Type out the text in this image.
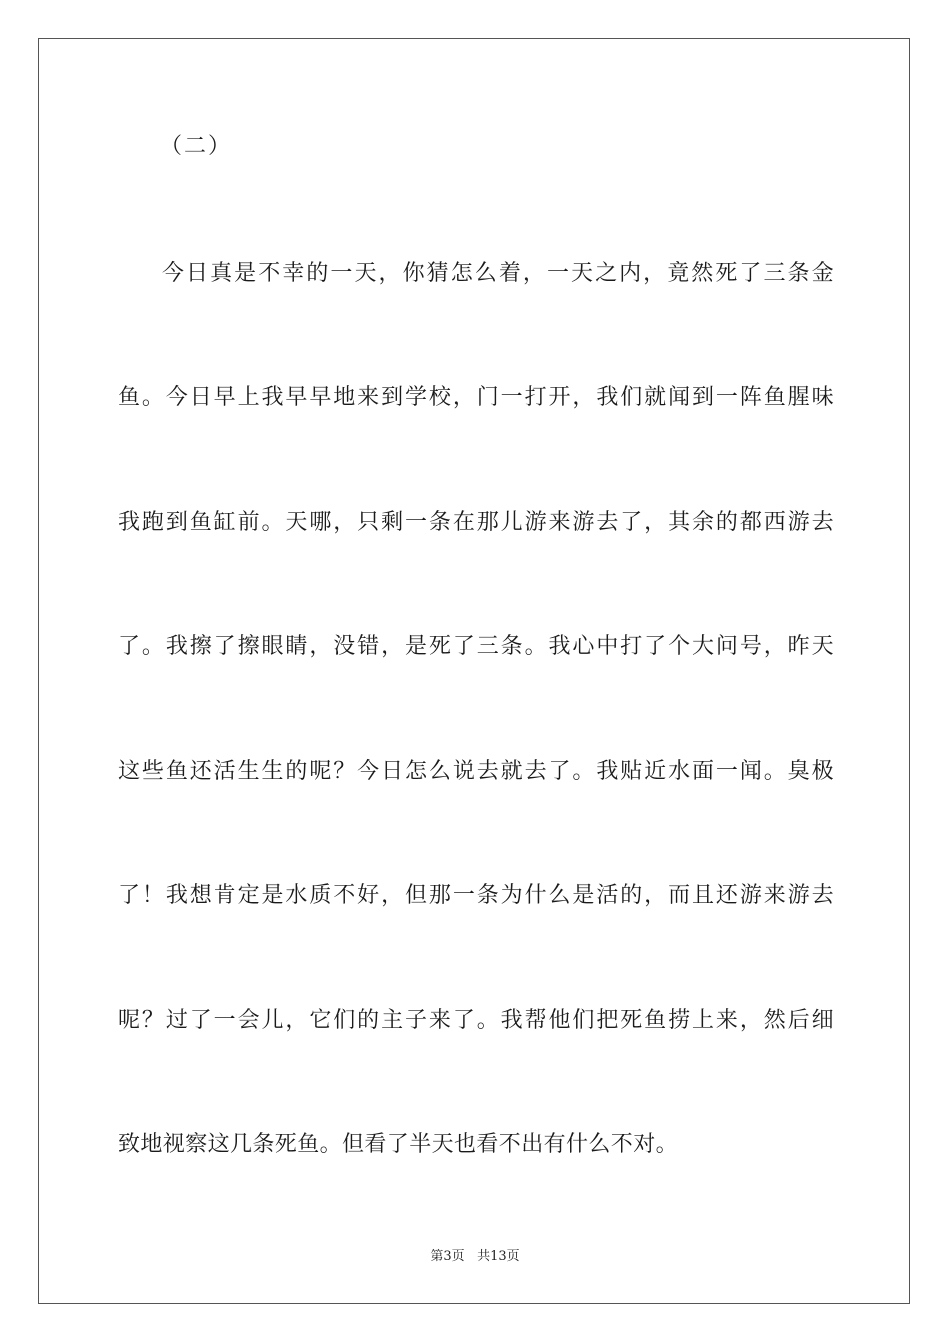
（二）
今日真是不幸的一天，你猜怎么着，一天之内，竟然死了三条金
鱼。今日早上我早早地来到学校，门一打开，我们就闻到一阵鱼腥味
我跑到鱼缸前。天哪，只剩一条在那儿游来游去了，其余的都西游去
了。我擦了擦眼睛，没错，是死了三条。我心中打了个大问号，昨天
这些鱼还活生生的呢？今日怎么说去就去了。我贴近水面一闻。臭极
了！我想肯定是水质不好，但那一条为什么是活的，而且还游来游去
呢？过了一会儿，它们的主子来了。我帮他们把死鱼捞上来，然后细
致地视察这几条死鱼。但看了半天也看不出有什么不对。
第3页 共13页
